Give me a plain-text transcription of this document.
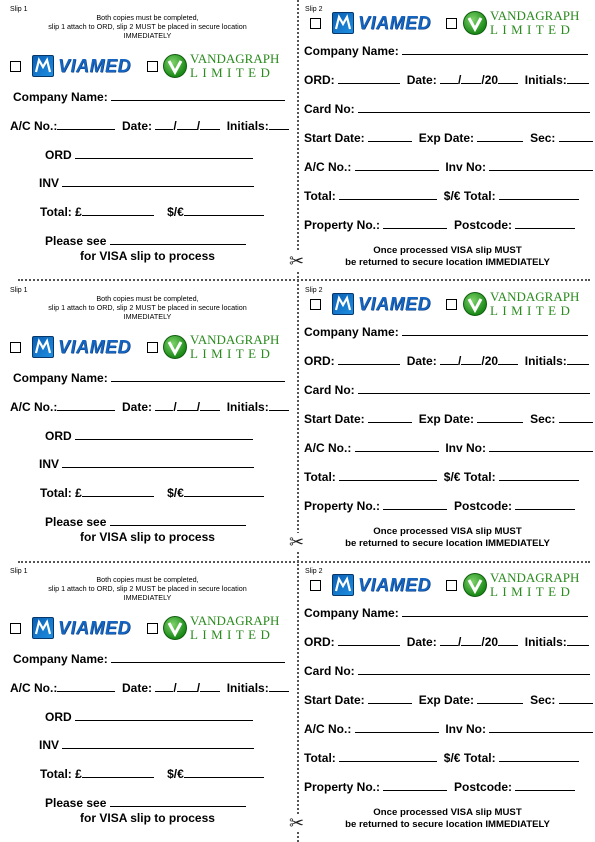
Slip 1
Both copies must be completed,
slip 1 attach to ORD, slip 2 MUST be placed in secure location
IMMEDIATELY
VIAMED	VANDAGRAPH
LIMITED
Company Name:
A/C No.:	Date: / / Initials:
ORD
INV
Total: £	$/€
Please see
for VISA slip to process
Slip 2
VIAMED	VANDAGRAPH
LIMITED
Company Name:
ORD:	Date: / /20 Initials:
Card No:
Start Date:	Exp Date:	Sec:
A/C No.:	Inv No:
Total:	$/€ Total:
Property No.:	Postcode:
Once processed VISA slip MUST
be returned to secure location IMMEDIATELY
✂
Slip 1
Both copies must be completed,
slip 1 attach to ORD, slip 2 MUST be placed in secure location
IMMEDIATELY
VIAMED	VANDAGRAPH
LIMITED
Company Name:
A/C No.:	Date: / / Initials:
ORD
INV
Total: £	$/€
Please see
for VISA slip to process
Slip 2
VIAMED	VANDAGRAPH
LIMITED
Company Name:
ORD:	Date: / /20 Initials:
Card No:
Start Date:	Exp Date:	Sec:
A/C No.:	Inv No:
Total:	$/€ Total:
Property No.:	Postcode:
Once processed VISA slip MUST
be returned to secure location IMMEDIATELY
✂
Slip 1
Both copies must be completed,
slip 1 attach to ORD, slip 2 MUST be placed in secure location
IMMEDIATELY
VIAMED	VANDAGRAPH
LIMITED
Company Name:
A/C No.:	Date: / / Initials:
ORD
INV
Total: £	$/€
Please see
for VISA slip to process
Slip 2
VIAMED	VANDAGRAPH
LIMITED
Company Name:
ORD:	Date: / /20 Initials:
Card No:
Start Date:	Exp Date:	Sec:
A/C No.:	Inv No:
Total:	$/€ Total:
Property No.:	Postcode:
Once processed VISA slip MUST
be returned to secure location IMMEDIATELY
✂
